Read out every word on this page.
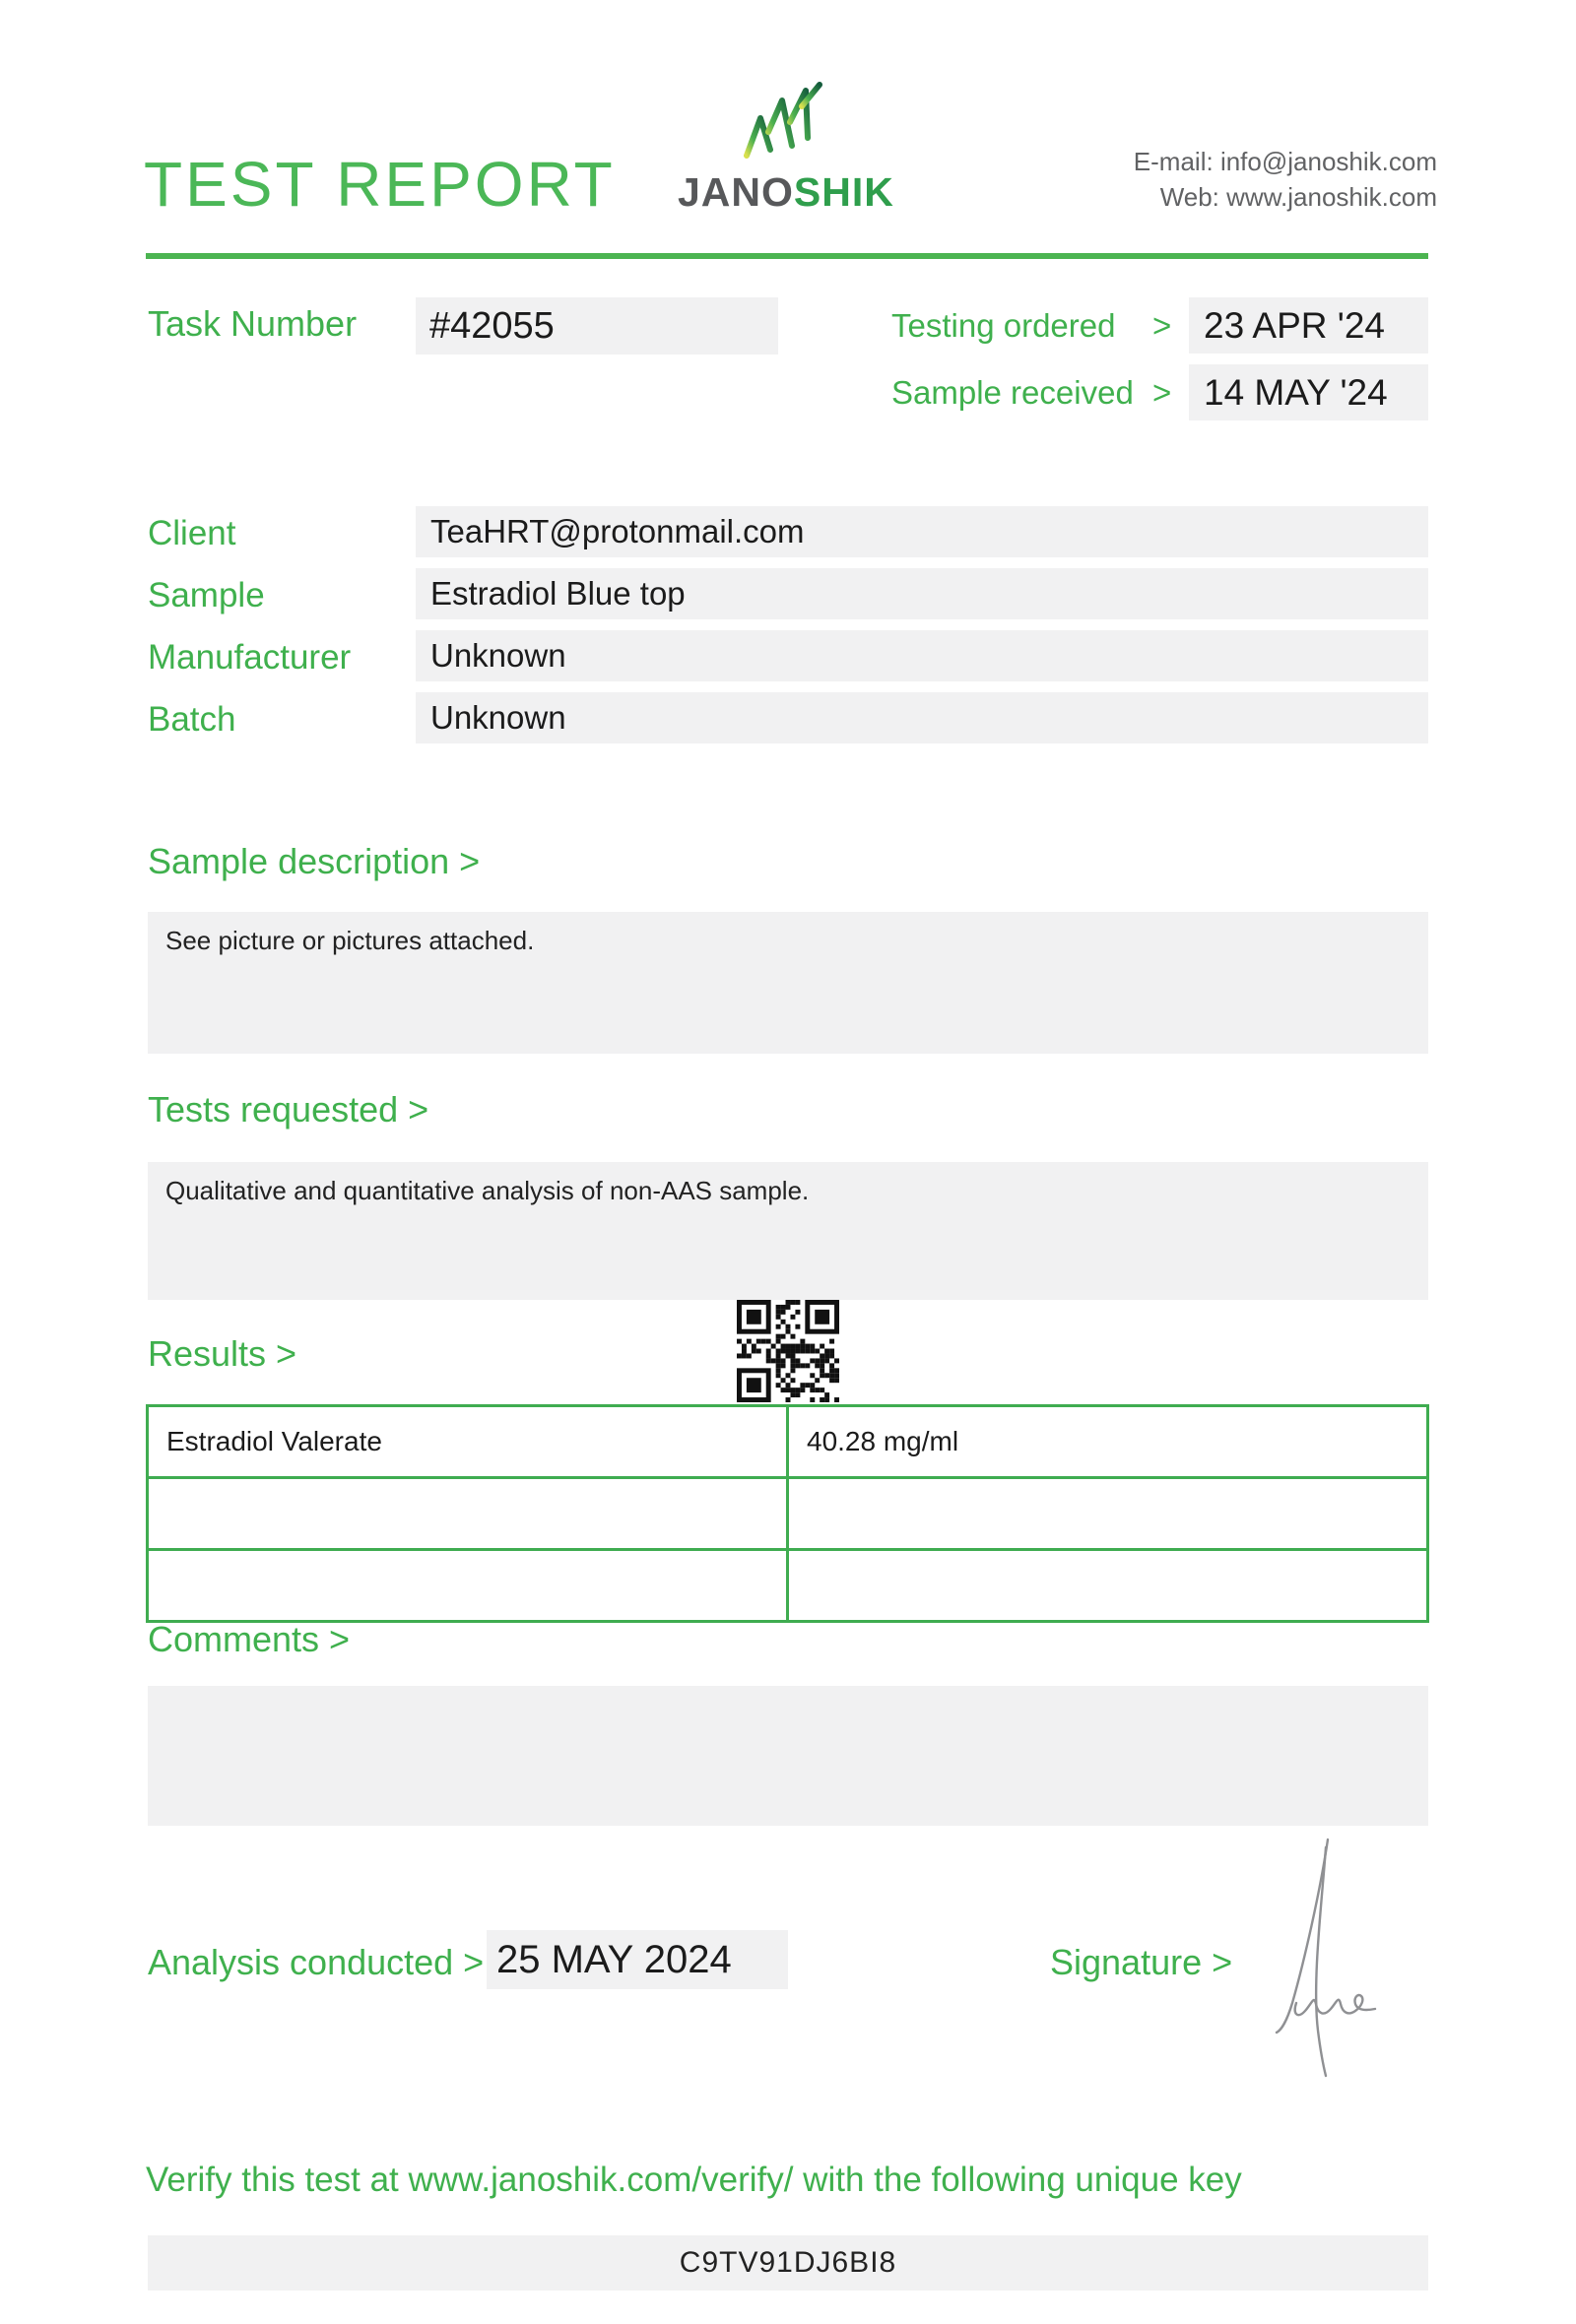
TEST REPORT JANOSHIK
E-mail: info@janoshik.com
Web: www.janoshik.com
Task Number	#42055	Testing ordered > 23 APR '24
Sample received > 14 MAY '24
Client	TeaHRT@protonmail.com
Sample	Estradiol Blue top
Manufacturer	Unknown
Batch	Unknown
Sample description >
See picture or pictures attached.
Tests requested >
Qualitative and quantitative analysis of non-AAS sample.
Results >
Estradiol Valerate	40.28 mg/ml

Comments >
Analysis conducted > 25 MAY 2024	Signature >
Verify this test at www.janoshik.com/verify/ with the following unique key
C9TV91DJ6BI8
